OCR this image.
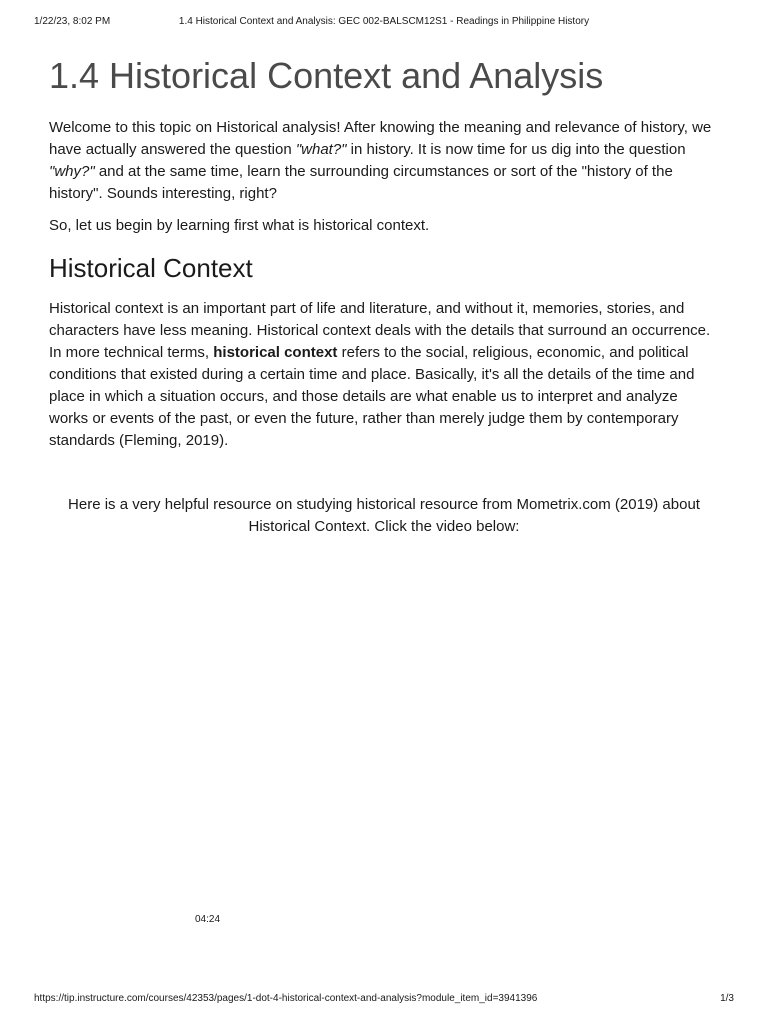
1/22/23, 8:02 PM	1.4 Historical Context and Analysis: GEC 002-BALSCM12S1 - Readings in Philippine History
1.4 Historical Context and Analysis

Welcome to this topic on Historical analysis! After knowing the meaning and relevance of history, we have actually answered the question "what?" in history. It is now time for us dig into the question "why?" and at the same time, learn the surrounding circumstances or sort of the "history of the history". Sounds interesting, right?

So, let us begin by learning first what is historical context.

Historical Context

Historical context is an important part of life and literature, and without it, memories, stories, and characters have less meaning. Historical context deals with the details that surround an occurrence. In more technical terms, historical context refers to the social, religious, economic, and political conditions that existed during a certain time and place. Basically, it's all the details of the time and place in which a situation occurs, and those details are what enable us to interpret and analyze works or events of the past, or even the future, rather than merely judge them by contemporary standards (Fleming, 2019).

Here is a very helpful resource on studying historical resource from Mometrix.com (2019) about Historical Context. Click the video below:

04:24
https://tip.instructure.com/courses/42353/pages/1-dot-4-historical-context-and-analysis?module_item_id=3941396	1/3
